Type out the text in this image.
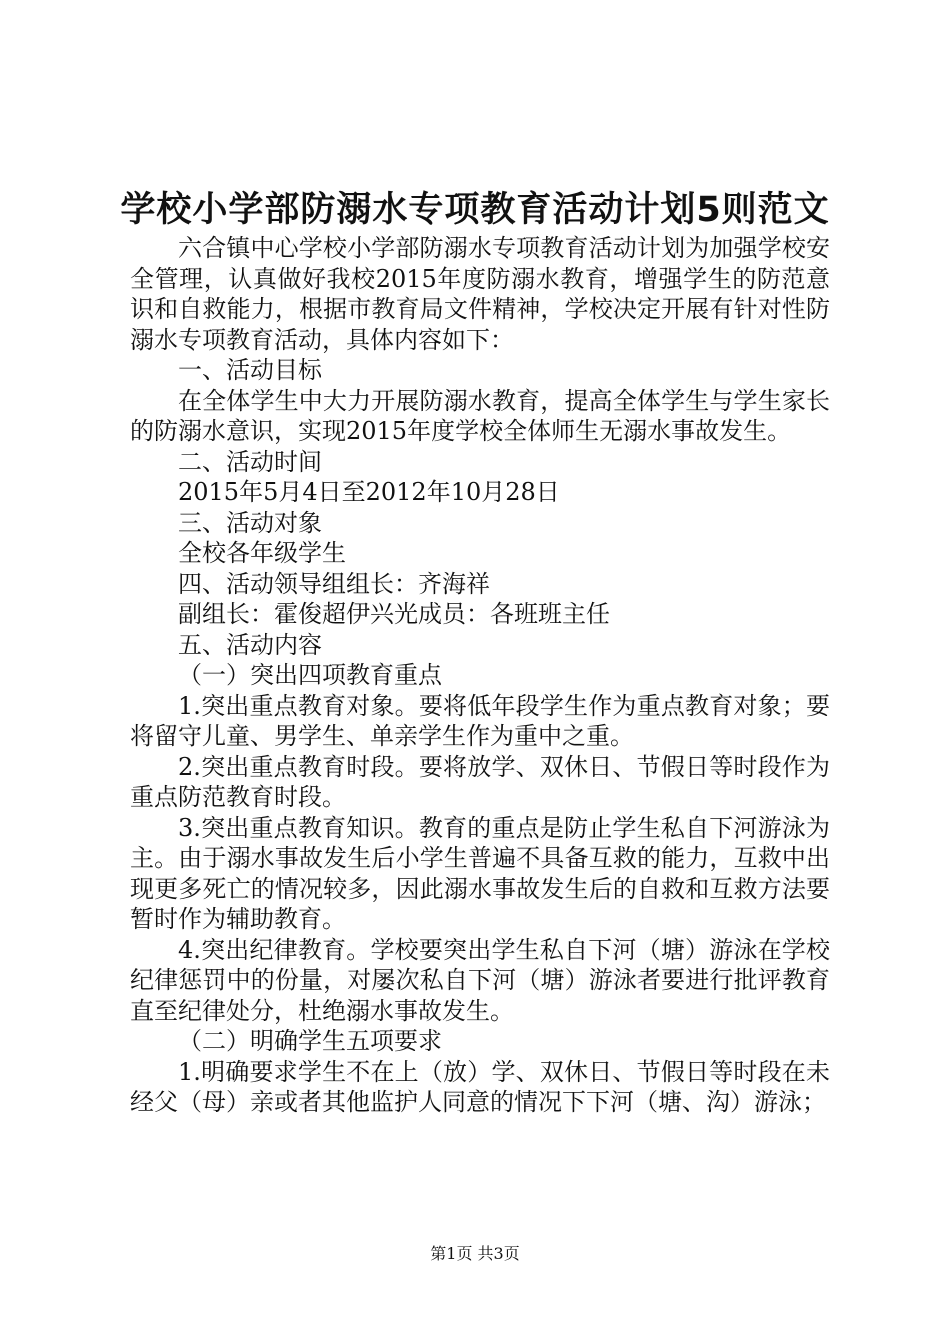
学校小学部防溺水专项教育活动计划5则范文

六合镇中心学校小学部防溺水专项教育活动计划为加强学校安全管理，认真做好我校2015年度防溺水教育，增强学生的防范意识和自救能力，根据市教育局文件精神，学校决定开展有针对性防溺水专项教育活动，具体内容如下：

一、活动目标

在全体学生中大力开展防溺水教育，提高全体学生与学生家长的防溺水意识，实现2015年度学校全体师生无溺水事故发生。

二、活动时间

2015年5月4日至2012年10月28日

三、活动对象

全校各年级学生

四、活动领导组组长：齐海祥

副组长：霍俊超伊兴光成员：各班班主任

五、活动内容

（一）突出四项教育重点

1.突出重点教育对象。要将低年段学生作为重点教育对象；要将留守儿童、男学生、单亲学生作为重中之重。

2.突出重点教育时段。要将放学、双休日、节假日等时段作为重点防范教育时段。

3.突出重点教育知识。教育的重点是防止学生私自下河游泳为主。由于溺水事故发生后小学生普遍不具备互救的能力，互救中出现更多死亡的情况较多，因此溺水事故发生后的自救和互救方法要暂时作为辅助教育。

4.突出纪律教育。学校要突出学生私自下河（塘）游泳在学校纪律惩罚中的份量，对屡次私自下河（塘）游泳者要进行批评教育直至纪律处分，杜绝溺水事故发生。

（二）明确学生五项要求

1.明确要求学生不在上（放）学、双休日、节假日等时段在未经父（母）亲或者其他监护人同意的情况下下河（塘、沟）游泳；

第1页 共3页
